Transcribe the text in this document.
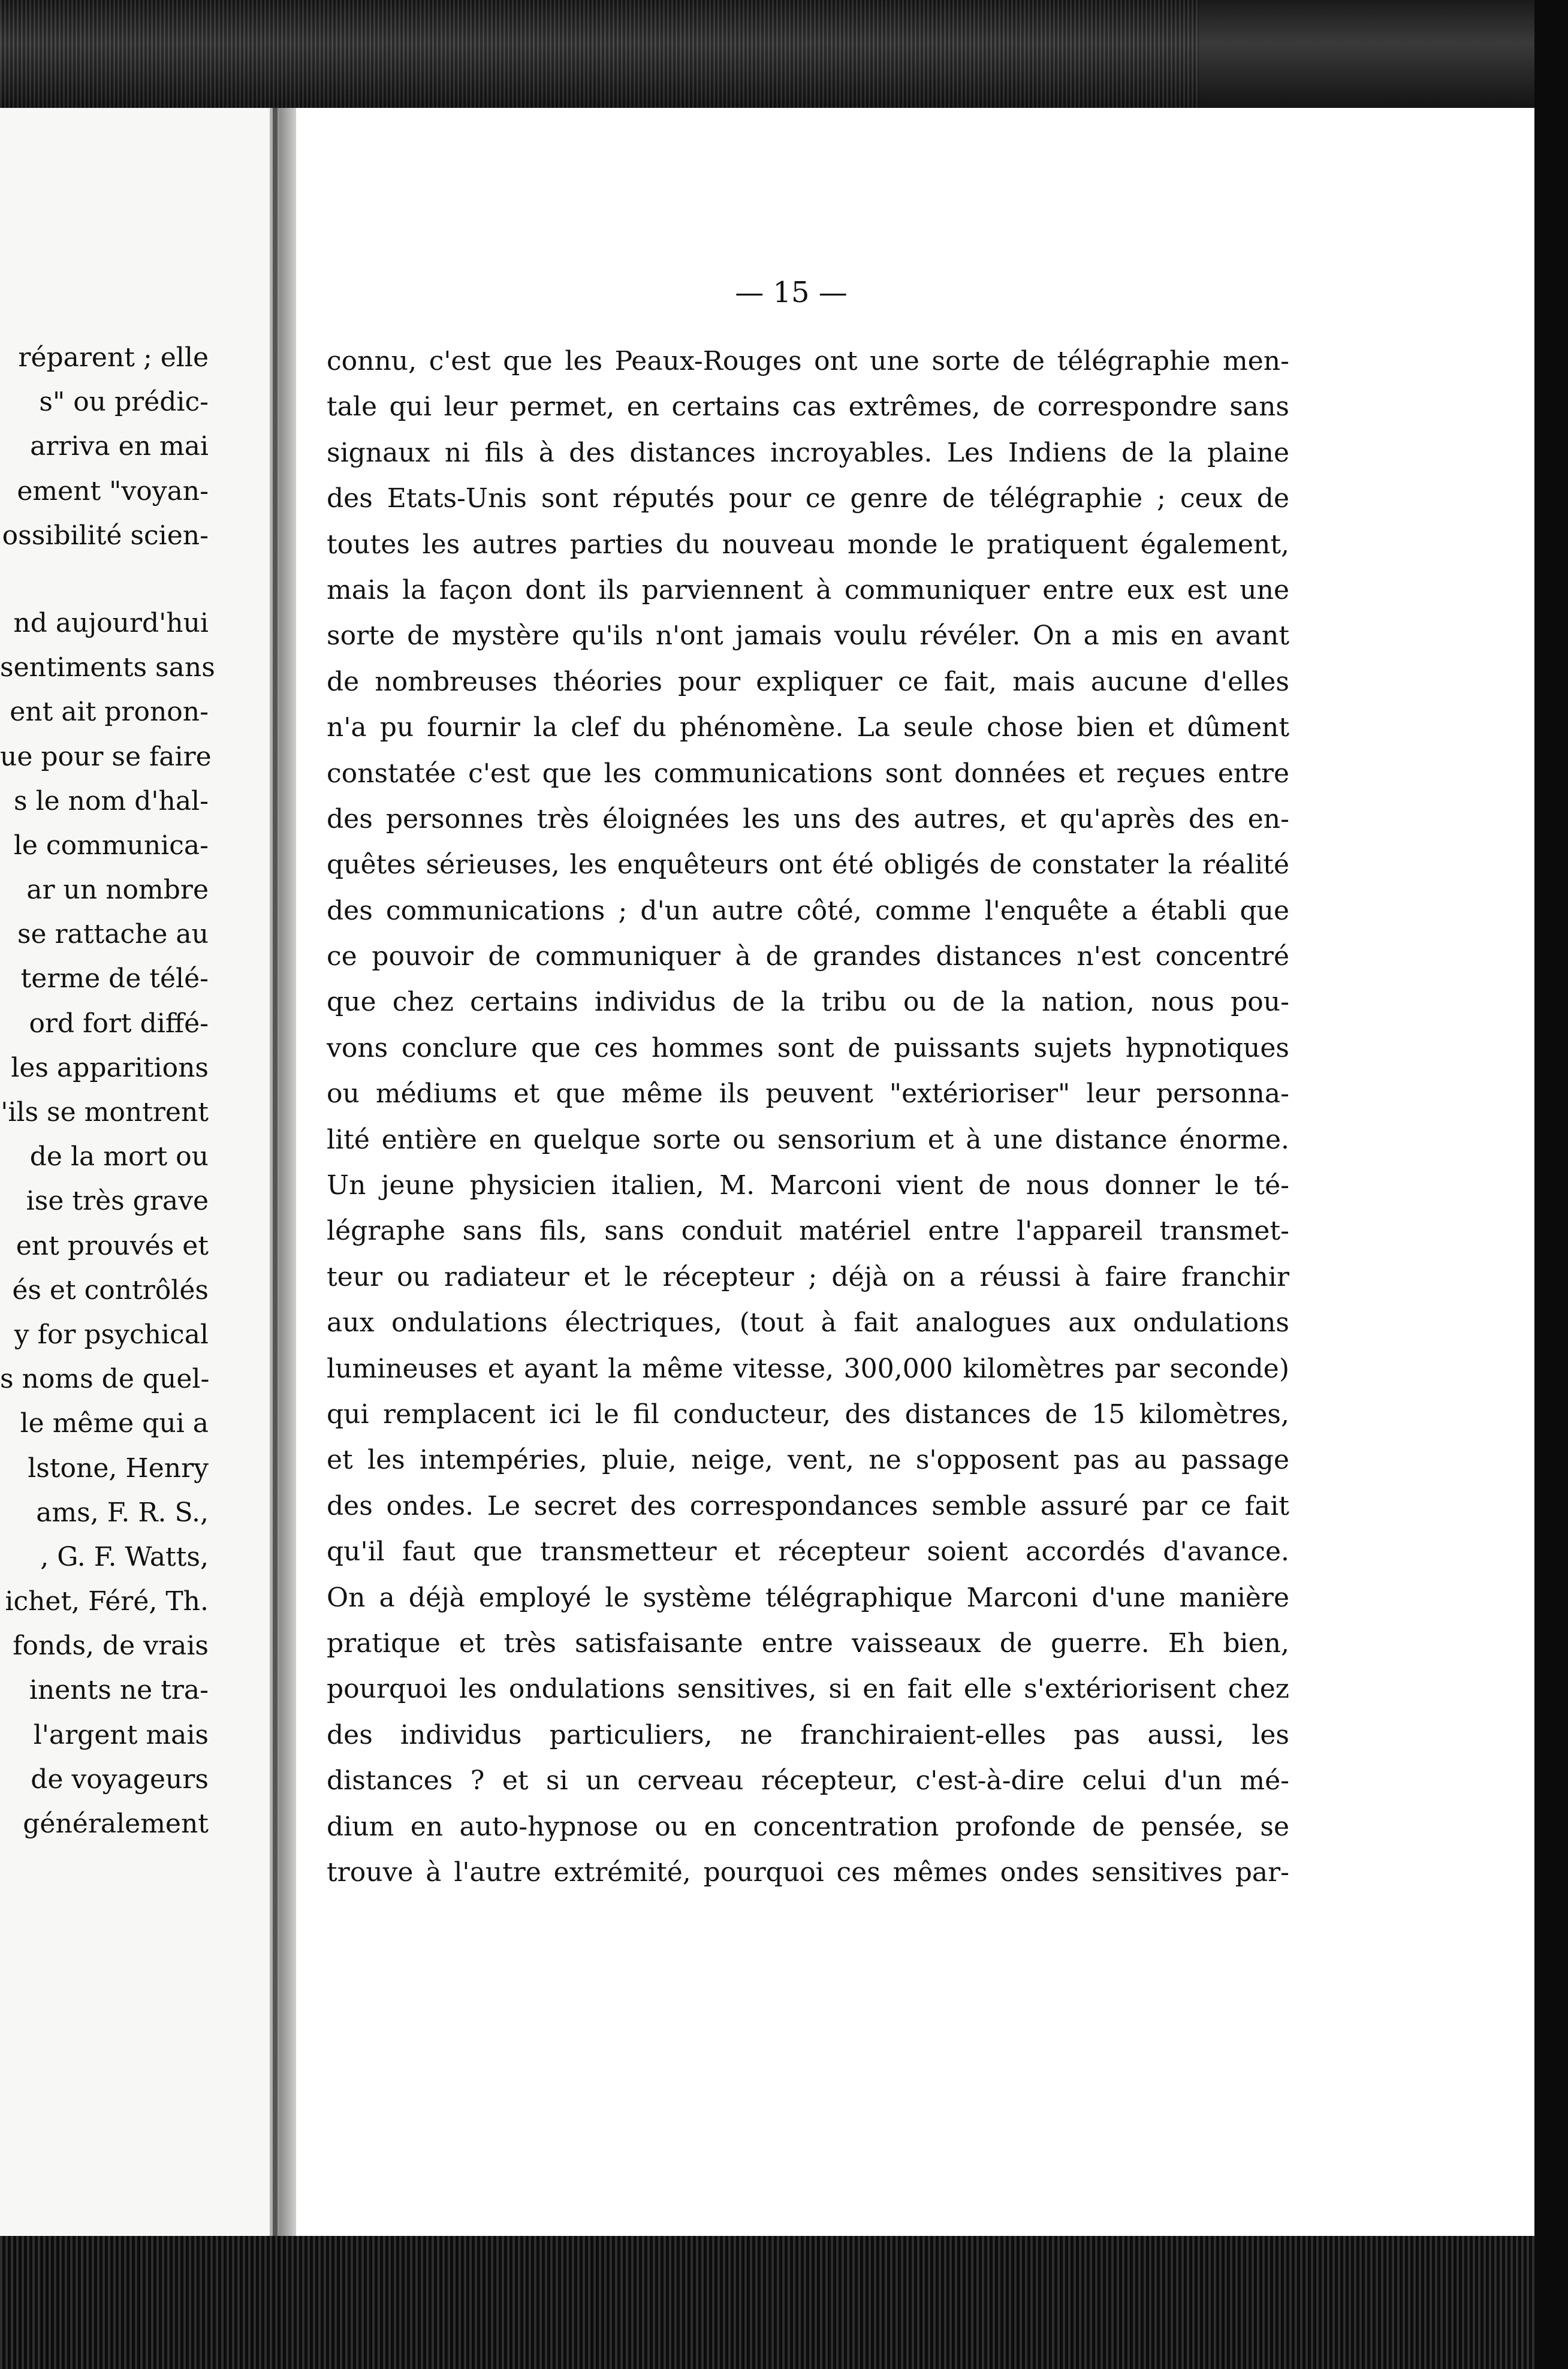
réparent ; elle
s" ou prédic-
arriva en mai
ement "voyan-
ossibilité scien-
nd aujourd'hui
sentiments sans
ent ait pronon-
ue pour se faire
s le nom d'hal-
le communica-
ar un nombre
se rattache au
terme de télé-
ord fort diffé-
les apparitions
'ils se montrent
de la mort ou
ise très grave
ent prouvés et
és et contrôlés
y for psychical
s noms de quel-
le même qui a
lstone, Henry
ams, F. R. S.,
, G. F. Watts,
ichet, Féré, Th.
fonds, de vrais
inents ne tra-
l'argent mais
de voyageurs
généralement
— 15 —
connu, c'est que les Peaux-Rouges ont une sorte de télégraphie men-
tale qui leur permet, en certains cas extrêmes, de correspondre sans
signaux ni fils à des distances incroyables. Les Indiens de la plaine
des Etats-Unis sont réputés pour ce genre de télégraphie ; ceux de
toutes les autres parties du nouveau monde le pratiquent également,
mais la façon dont ils parviennent à communiquer entre eux est une
sorte de mystère qu'ils n'ont jamais voulu révéler. On a mis en avant
de nombreuses théories pour expliquer ce fait, mais aucune d'elles
n'a pu fournir la clef du phénomène. La seule chose bien et dûment
constatée c'est que les communications sont données et reçues entre
des personnes très éloignées les uns des autres, et qu'après des en-
quêtes sérieuses, les enquêteurs ont été obligés de constater la réalité
des communications ; d'un autre côté, comme l'enquête a établi que
ce pouvoir de communiquer à de grandes distances n'est concentré
que chez certains individus de la tribu ou de la nation, nous pou-
vons conclure que ces hommes sont de puissants sujets hypnotiques
ou médiums et que même ils peuvent "extérioriser" leur personna-
lité entière en quelque sorte ou sensorium et à une distance énorme.
Un jeune physicien italien, M. Marconi vient de nous donner le té-
légraphe sans fils, sans conduit matériel entre l'appareil transmet-
teur ou radiateur et le récepteur ; déjà on a réussi à faire franchir
aux ondulations électriques, (tout à fait analogues aux ondulations
lumineuses et ayant la même vitesse, 300,000 kilomètres par seconde)
qui remplacent ici le fil conducteur, des distances de 15 kilomètres,
et les intempéries, pluie, neige, vent, ne s'opposent pas au passage
des ondes. Le secret des correspondances semble assuré par ce fait
qu'il faut que transmetteur et récepteur soient accordés d'avance.
On a déjà employé le système télégraphique Marconi d'une manière
pratique et très satisfaisante entre vaisseaux de guerre. Eh bien,
pourquoi les ondulations sensitives, si en fait elle s'extériorisent chez
des individus particuliers, ne franchiraient-elles pas aussi, les
distances ? et si un cerveau récepteur, c'est-à-dire celui d'un mé-
dium en auto-hypnose ou en concentration profonde de pensée, se
trouve à l'autre extrémité, pourquoi ces mêmes ondes sensitives par-
